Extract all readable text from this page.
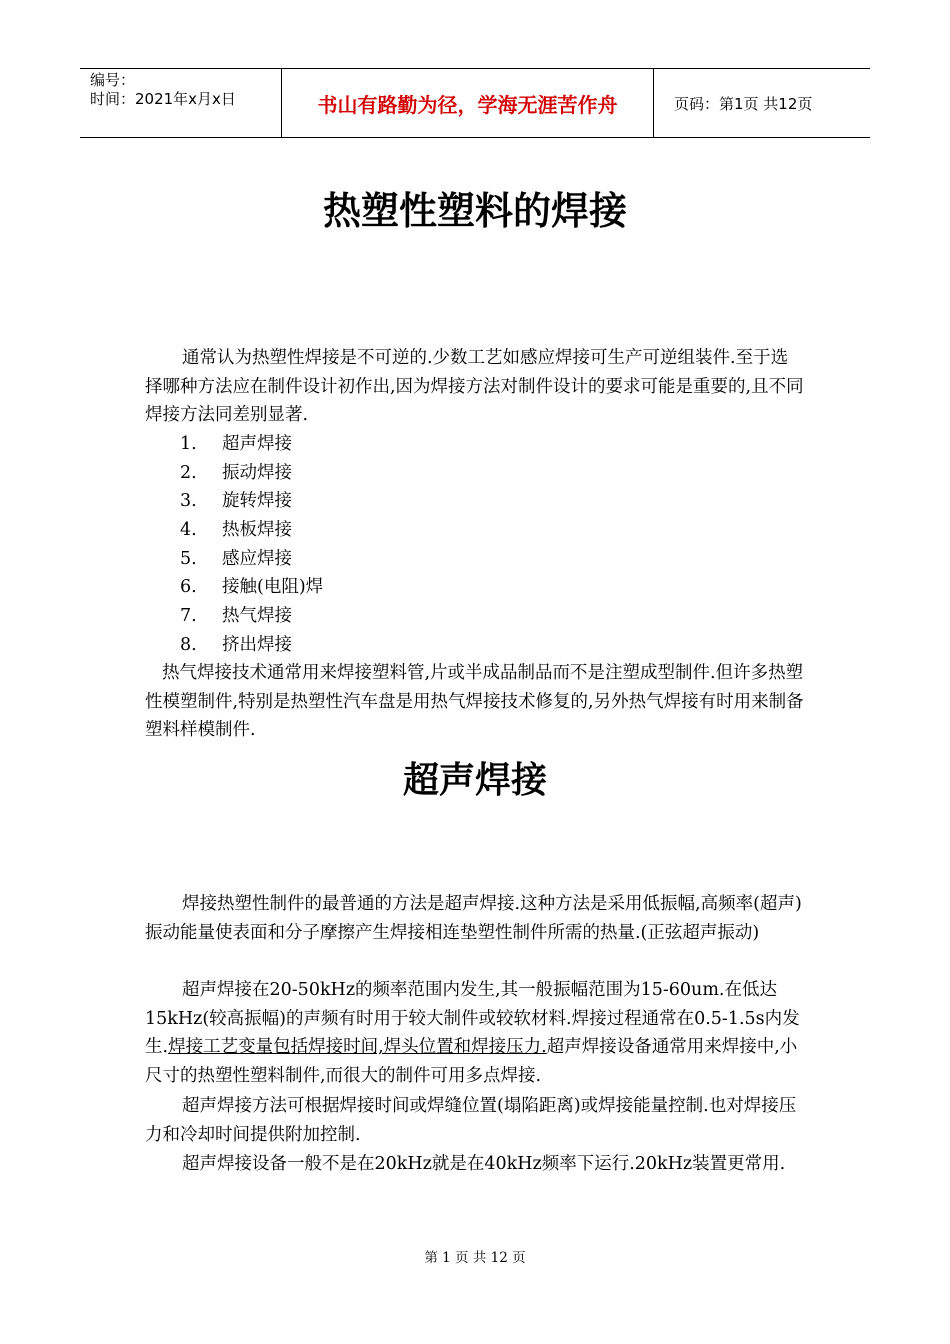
编号：
时间：2021年x月x日	书山有路勤为径，学海无涯苦作舟	页码：第1页 共12页
热塑性塑料的焊接

通常认为热塑性焊接是不可逆的.少数工艺如感应焊接可生产可逆组装件.至于选择哪种方法应在制件设计初作出,因为焊接方法对制件设计的要求可能是重要的,且不同焊接方法同差别显著.

1. 超声焊接
2. 振动焊接
3. 旋转焊接
4. 热板焊接
5. 感应焊接
6. 接触(电阻)焊
7. 热气焊接
8. 挤出焊接

热气焊接技术通常用来焊接塑料管,片或半成品制品而不是注塑成型制件.但许多热塑性模塑制件,特别是热塑性汽车盘是用热气焊接技术修复的,另外热气焊接有时用来制备塑料样模制件.

超声焊接

焊接热塑性制件的最普通的方法是超声焊接.这种方法是采用低振幅,高频率(超声)振动能量使表面和分子摩擦产生焊接相连垫塑性制件所需的热量.(正弦超声振动)

超声焊接在20-50kHz的频率范围内发生,其一般振幅范围为15-60um.在低达15kHz(较高振幅)的声频有时用于较大制件或较软材料.焊接过程通常在0.5-1.5s内发生.焊接工艺变量包括焊接时间,焊头位置和焊接压力.超声焊接设备通常用来焊接中,小尺寸的热塑性塑料制件,而很大的制件可用多点焊接.

超声焊接方法可根据焊接时间或焊缝位置(塌陷距离)或焊接能量控制.也对焊接压力和冷却时间提供附加控制.

超声焊接设备一般不是在20kHz就是在40kHz频率下运行.20kHz装置更常用.

第 1 页 共 12 页
